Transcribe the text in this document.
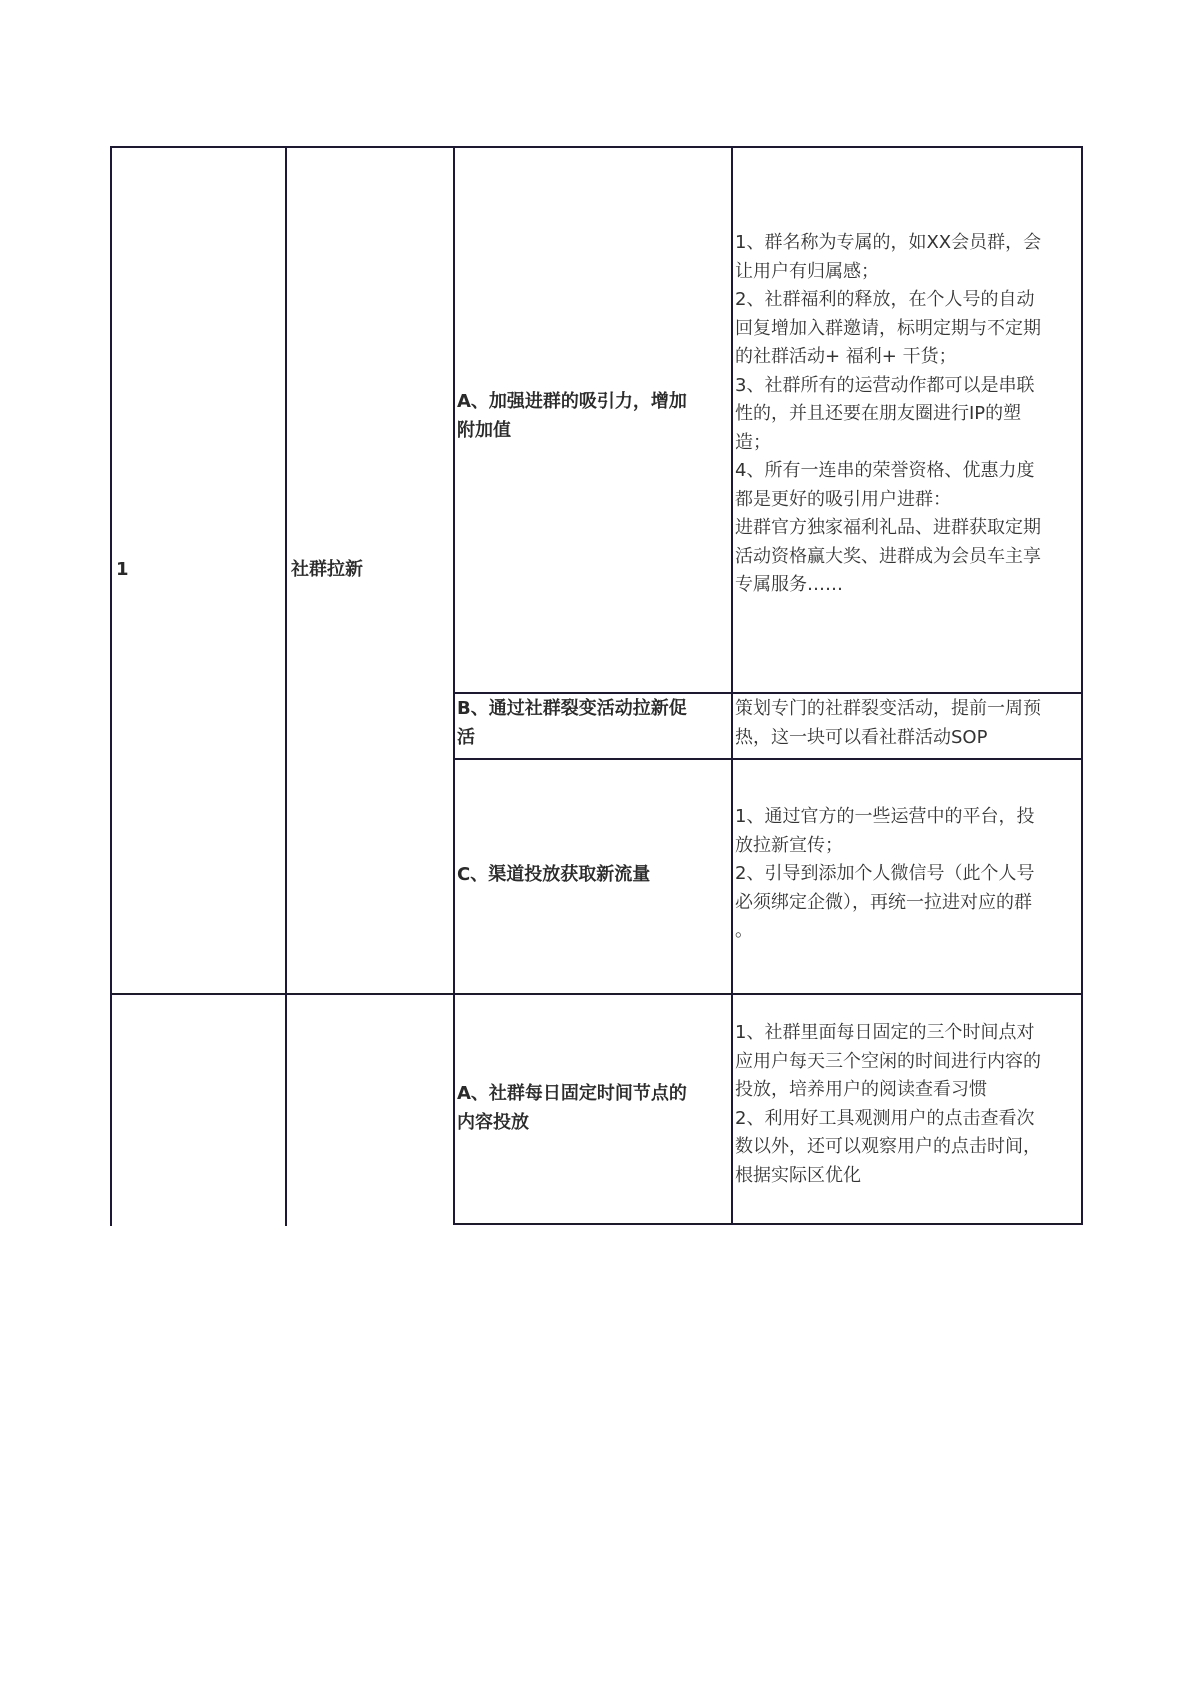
1	社群拉新
A、加强进群的吸引力，增加
附加值
1、群名称为专属的，如XX会员群，会
让用户有归属感；
2、社群福利的释放，在个人号的自动
回复增加入群邀请，标明定期与不定期
的社群活动+ 福利+ 干货；
3、社群所有的运营动作都可以是串联
性的，并且还要在朋友圈进行IP的塑
造；
4、所有一连串的荣誉资格、优惠力度
都是更好的吸引用户进群：
进群官方独家福利礼品、进群获取定期
活动资格赢大奖、进群成为会员车主享
专属服务……
B、通过社群裂变活动拉新促
活
策划专门的社群裂变活动，提前一周预
热，这一块可以看社群活动SOP
C、渠道投放获取新流量
1、通过官方的一些运营中的平台，投
放拉新宣传；
2、引导到添加个人微信号（此个人号
必须绑定企微），再统一拉进对应的群
。
A、社群每日固定时间节点的
内容投放
1、社群里面每日固定的三个时间点对
应用户每天三个空闲的时间进行内容的
投放，培养用户的阅读查看习惯
2、利用好工具观测用户的点击查看次
数以外，还可以观察用户的点击时间，
根据实际区优化
